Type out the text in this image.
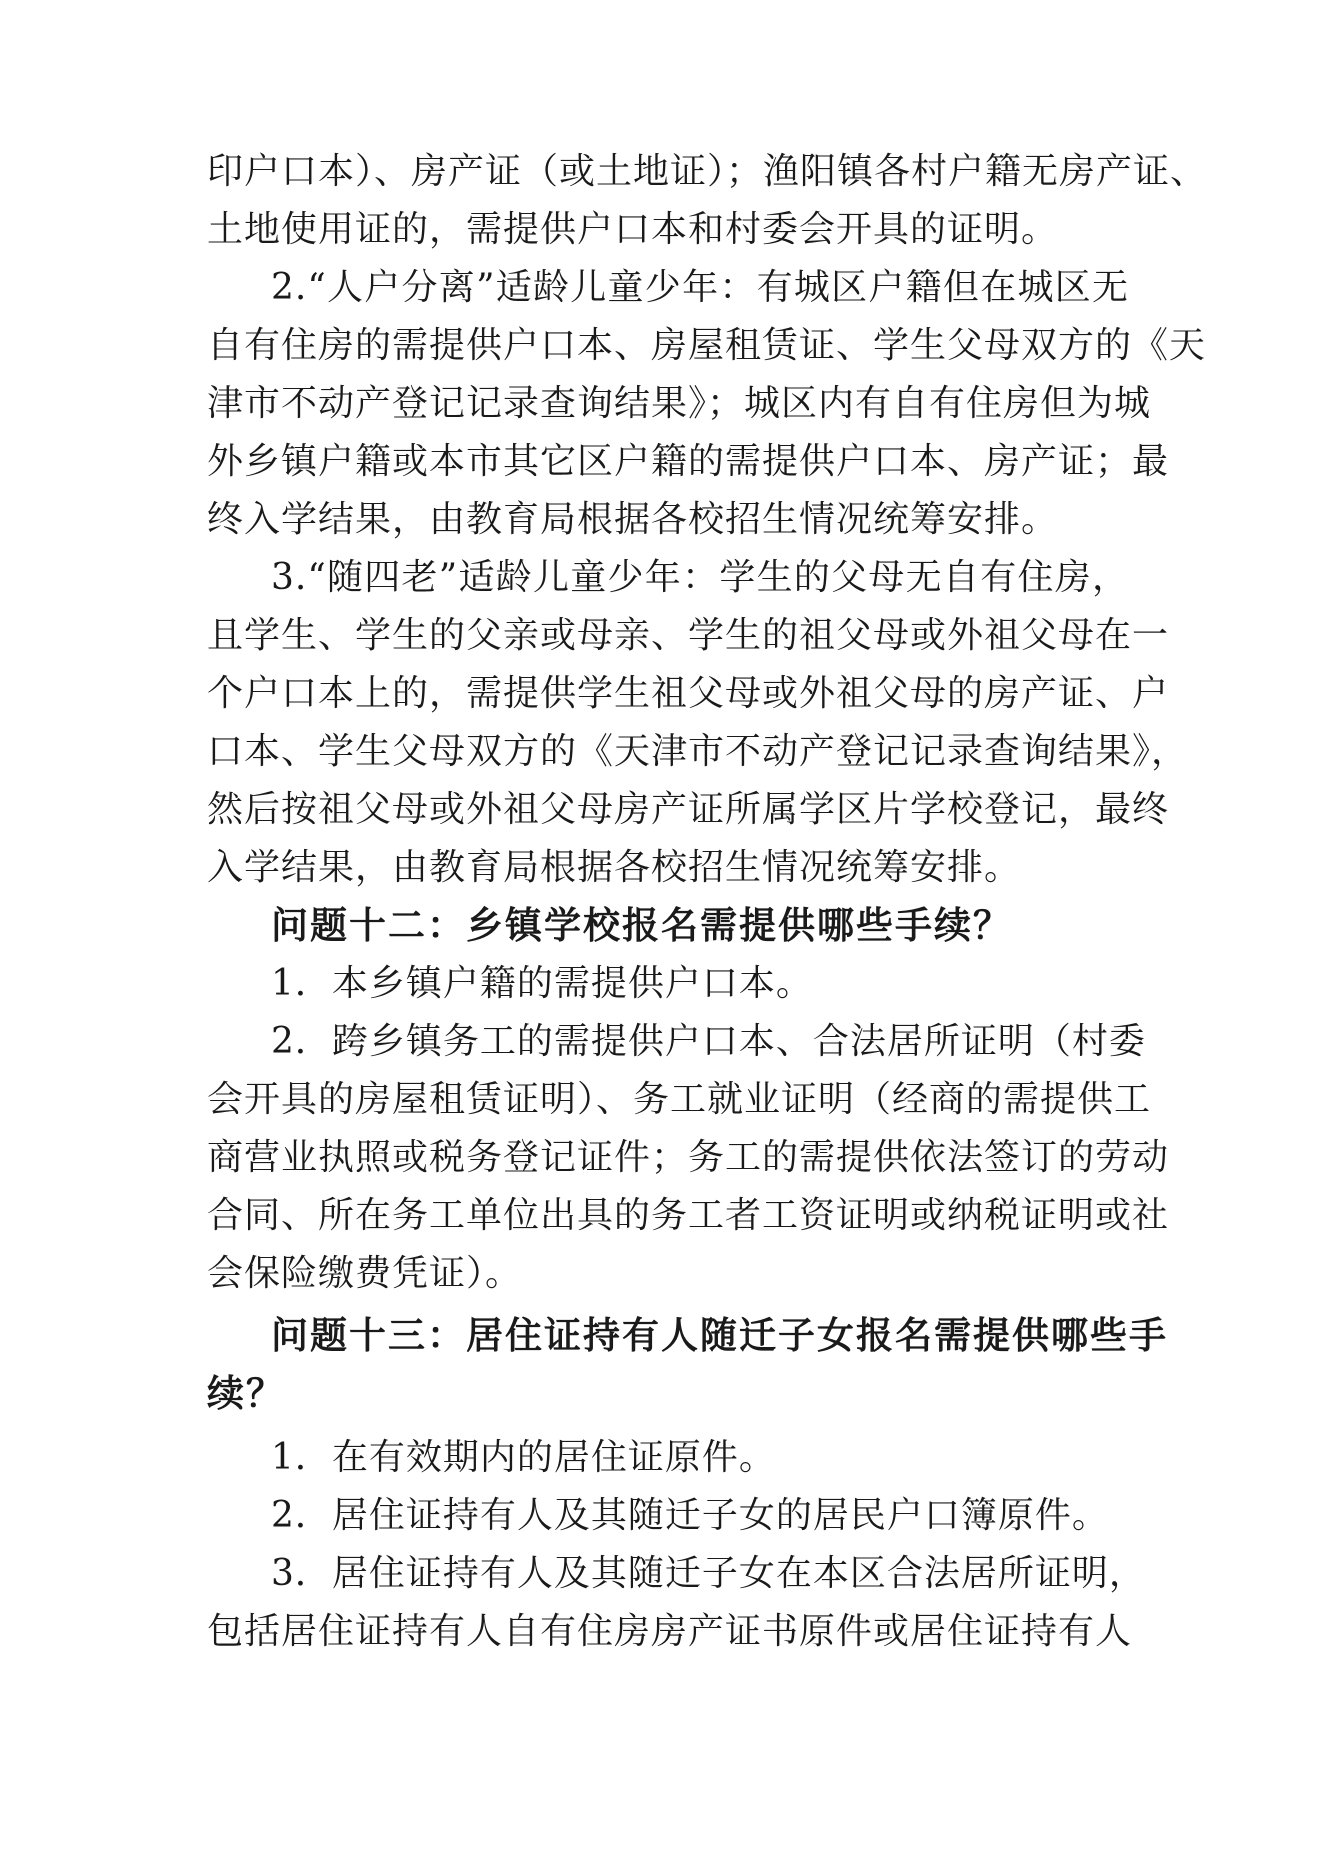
印户口本）、房产证（或土地证）；渔阳镇各村户籍无房产证、
土地使用证的，需提供户口本和村委会开具的证明。
2.“人户分离”适龄儿童少年：有城区户籍但在城区无
自有住房的需提供户口本、房屋租赁证、学生父母双方的《天
津市不动产登记记录查询结果》；城区内有自有住房但为城
外乡镇户籍或本市其它区户籍的需提供户口本、房产证；最
终入学结果，由教育局根据各校招生情况统筹安排。
3.“随四老”适龄儿童少年：学生的父母无自有住房，
且学生、学生的父亲或母亲、学生的祖父母或外祖父母在一
个户口本上的，需提供学生祖父母或外祖父母的房产证、户
口本、学生父母双方的《天津市不动产登记记录查询结果》，
然后按祖父母或外祖父母房产证所属学区片学校登记，最终
入学结果，由教育局根据各校招生情况统筹安排。
问题十二：乡镇学校报名需提供哪些手续？
1．本乡镇户籍的需提供户口本。
2．跨乡镇务工的需提供户口本、合法居所证明（村委
会开具的房屋租赁证明）、务工就业证明（经商的需提供工
商营业执照或税务登记证件；务工的需提供依法签订的劳动
合同、所在务工单位出具的务工者工资证明或纳税证明或社
会保险缴费凭证）。
问题十三：居住证持有人随迁子女报名需提供哪些手
续？
1．在有效期内的居住证原件。
2．居住证持有人及其随迁子女的居民户口簿原件。
3．居住证持有人及其随迁子女在本区合法居所证明，
包括居住证持有人自有住房房产证书原件或居住证持有人
